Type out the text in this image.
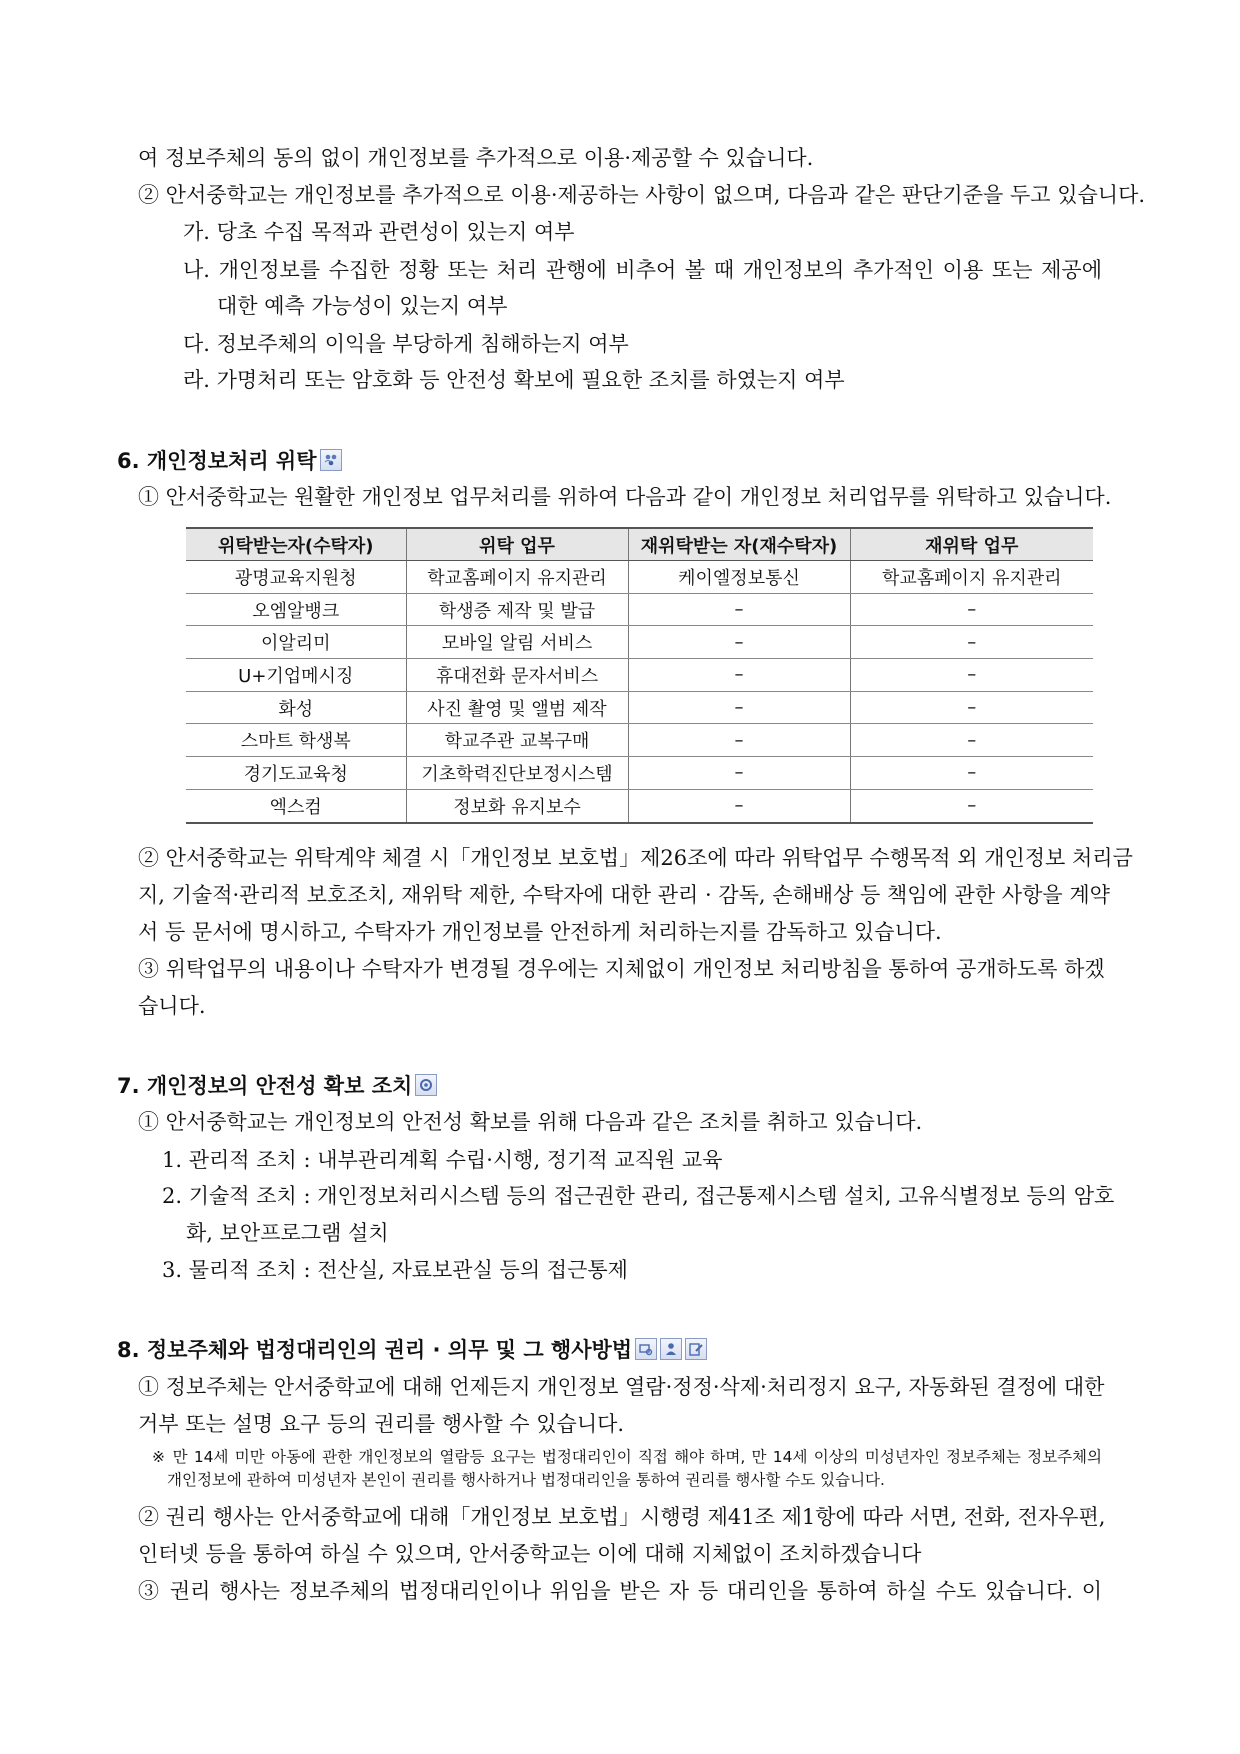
여 정보주체의 동의 없이 개인정보를 추가적으로 이용·제공할 수 있습니다.
② 안서중학교는 개인정보를 추가적으로 이용·제공하는 사항이 없으며, 다음과 같은 판단기준을 두고 있습니다.
가. 당초 수집 목적과 관련성이 있는지 여부
나. 개인정보를 수집한 정황 또는 처리 관행에 비추어 볼 때 개인정보의 추가적인 이용 또는 제공에
대한 예측 가능성이 있는지 여부
다. 정보주체의 이익을 부당하게 침해하는지 여부
라. 가명처리 또는 암호화 등 안전성 확보에 필요한 조치를 하였는지 여부
6. 개인정보처리 위탁
① 안서중학교는 원활한 개인정보 업무처리를 위하여 다음과 같이 개인정보 처리업무를 위탁하고 있습니다.
위탁받는자(수탁자)	위탁 업무	재위탁받는 자(재수탁자)	재위탁 업무
광명교육지원청	학교홈페이지 유지관리	케이엘정보통신	학교홈페이지 유지관리
오엠알뱅크	학생증 제작 및 발급	–	–
이알리미	모바일 알림 서비스	–	–
U+기업메시징	휴대전화 문자서비스	–	–
화성	사진 촬영 및 앨범 제작	–	–
스마트 학생복	학교주관 교복구매	–	–
경기도교육청	기초학력진단보정시스템	–	–
엑스컴	정보화 유지보수	–	–
② 안서중학교는 위탁계약 체결 시「개인정보 보호법」제26조에 따라 위탁업무 수행목적 외 개인정보 처리금
지, 기술적·관리적 보호조치, 재위탁 제한, 수탁자에 대한 관리 · 감독, 손해배상 등 책임에 관한 사항을 계약
서 등 문서에 명시하고, 수탁자가 개인정보를 안전하게 처리하는지를 감독하고 있습니다.
③ 위탁업무의 내용이나 수탁자가 변경될 경우에는 지체없이 개인정보 처리방침을 통하여 공개하도록 하겠
습니다.
7. 개인정보의 안전성 확보 조치
① 안서중학교는 개인정보의 안전성 확보를 위해 다음과 같은 조치를 취하고 있습니다.
1. 관리적 조치 : 내부관리계획 수립·시행, 정기적 교직원 교육
2. 기술적 조치 : 개인정보처리시스템 등의 접근권한 관리, 접근통제시스템 설치, 고유식별정보 등의 암호
화, 보안프로그램 설치
3. 물리적 조치 : 전산실, 자료보관실 등의 접근통제
8. 정보주체와 법정대리인의 권리 · 의무 및 그 행사방법
① 정보주체는 안서중학교에 대해 언제든지 개인정보 열람·정정·삭제·처리정지 요구, 자동화된 결정에 대한
거부 또는 설명 요구 등의 권리를 행사할 수 있습니다.
※ 만 14세 미만 아동에 관한 개인정보의 열람등 요구는 법정대리인이 직접 해야 하며, 만 14세 이상의 미성년자인 정보주체는 정보주체의
개인정보에 관하여 미성년자 본인이 권리를 행사하거나 법정대리인을 통하여 권리를 행사할 수도 있습니다.
② 권리 행사는 안서중학교에 대해「개인정보 보호법」시행령 제41조 제1항에 따라 서면, 전화, 전자우편,
인터넷 등을 통하여 하실 수 있으며, 안서중학교는 이에 대해 지체없이 조치하겠습니다
③ 권리 행사는 정보주체의 법정대리인이나 위임을 받은 자 등 대리인을 통하여 하실 수도 있습니다. 이
